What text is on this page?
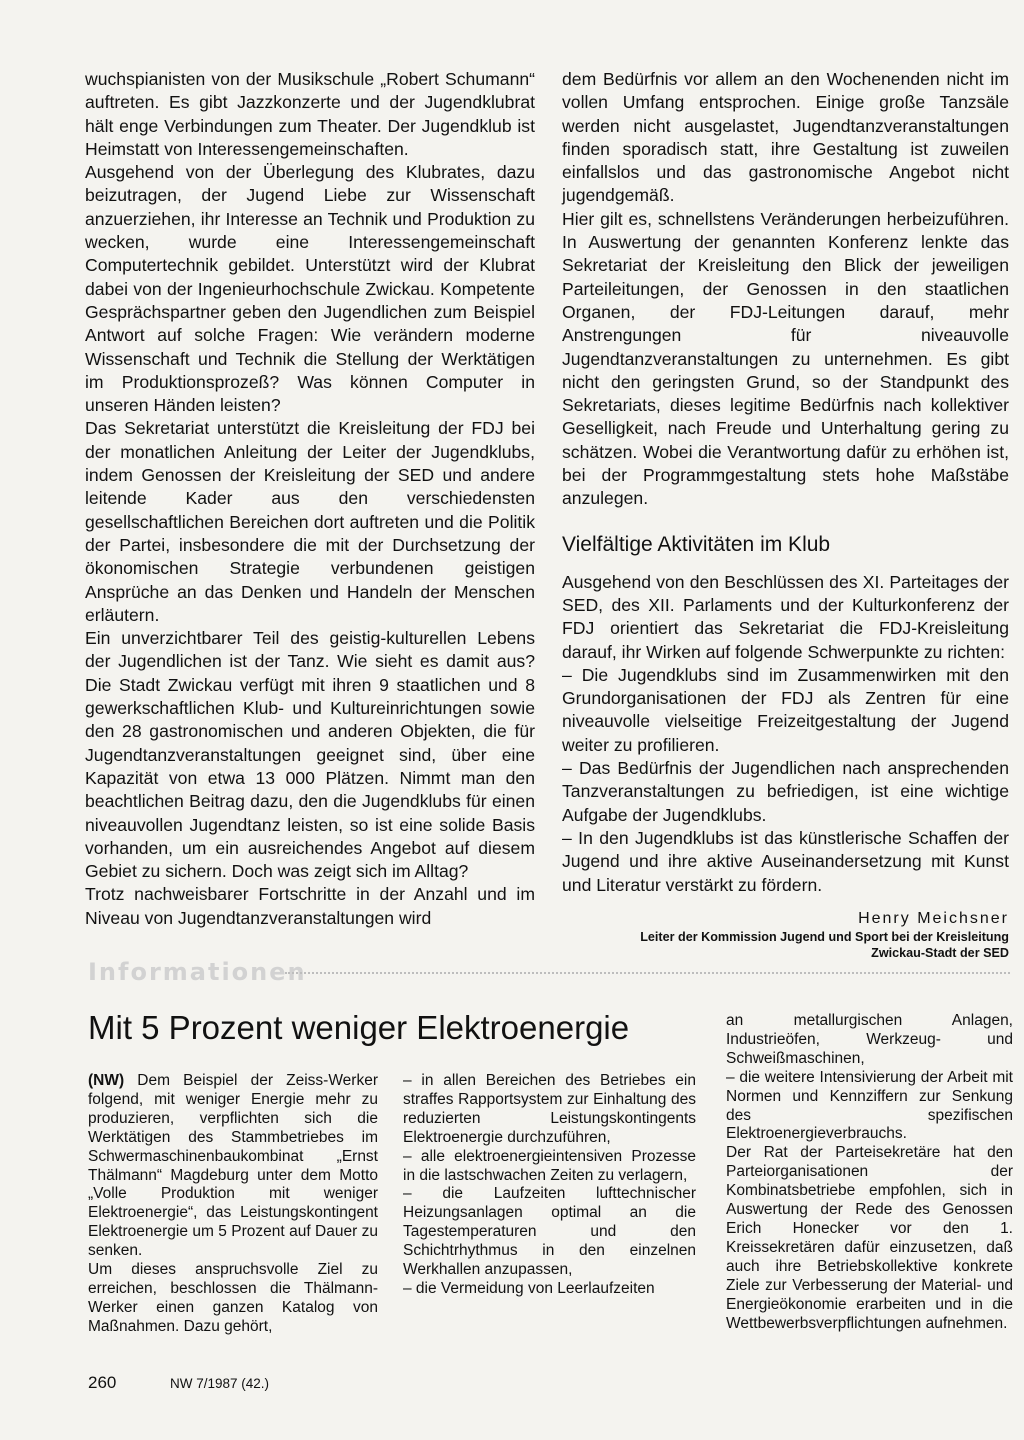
wuchspianisten von der Musikschule „Robert Schumann“ auftreten. Es gibt Jazzkonzerte und der Jugendklubrat hält enge Verbindungen zum Theater. Der Jugendklub ist Heimstatt von Interessengemeinschaften.

Ausgehend von der Überlegung des Klubrates, dazu beizutragen, der Jugend Liebe zur Wissenschaft anzuerziehen, ihr Interesse an Technik und Produktion zu wecken, wurde eine Interessengemeinschaft Computertechnik gebildet. Unterstützt wird der Klubrat dabei von der Ingenieurhochschule Zwickau. Kompetente Gesprächspartner geben den Jugendlichen zum Beispiel Antwort auf solche Fragen: Wie verändern moderne Wissenschaft und Technik die Stellung der Werktätigen im Produktionsprozeß? Was können Computer in unseren Händen leisten?

Das Sekretariat unterstützt die Kreisleitung der FDJ bei der monatlichen Anleitung der Leiter der Jugendklubs, indem Genossen der Kreisleitung der SED und andere leitende Kader aus den verschiedensten gesellschaftlichen Bereichen dort auftreten und die Politik der Partei, insbesondere die mit der Durchsetzung der ökonomischen Strategie verbundenen geistigen Ansprüche an das Denken und Handeln der Menschen erläutern.

Ein unverzichtbarer Teil des geistig-kulturellen Lebens der Jugendlichen ist der Tanz. Wie sieht es damit aus? Die Stadt Zwickau verfügt mit ihren 9 staatlichen und 8 gewerkschaftlichen Klub- und Kultureinrichtungen sowie den 28 gastronomischen und anderen Objekten, die für Jugendtanzveranstaltungen geeignet sind, über eine Kapazität von etwa 13 000 Plätzen. Nimmt man den beachtlichen Beitrag dazu, den die Jugendklubs für einen niveauvollen Jugendtanz leisten, so ist eine solide Basis vorhanden, um ein ausreichendes Angebot auf diesem Gebiet zu sichern. Doch was zeigt sich im Alltag?

Trotz nachweisbarer Fortschritte in der Anzahl und im Niveau von Jugendtanzveranstaltungen wird

dem Bedürfnis vor allem an den Wochenenden nicht im vollen Umfang entsprochen. Einige große Tanzsäle werden nicht ausgelastet, Jugendtanzveranstaltungen finden sporadisch statt, ihre Gestaltung ist zuweilen einfallslos und das gastronomische Angebot nicht jugendgemäß.

Hier gilt es, schnellstens Veränderungen herbeizuführen. In Auswertung der genannten Konferenz lenkte das Sekretariat der Kreisleitung den Blick der jeweiligen Parteileitungen, der Genossen in den staatlichen Organen, der FDJ-Leitungen darauf, mehr Anstrengungen für niveauvolle Jugendtanzveranstaltungen zu unternehmen. Es gibt nicht den geringsten Grund, so der Standpunkt des Sekretariats, dieses legitime Bedürfnis nach kollektiver Geselligkeit, nach Freude und Unterhaltung gering zu schätzen. Wobei die Verantwortung dafür zu erhöhen ist, bei der Programmgestaltung stets hohe Maßstäbe anzulegen.

Vielfältige Aktivitäten im Klub

Ausgehend von den Beschlüssen des XI. Parteitages der SED, des XII. Parlaments und der Kulturkonferenz der FDJ orientiert das Sekretariat die FDJ-Kreisleitung darauf, ihr Wirken auf folgende Schwerpunkte zu richten:

– Die Jugendklubs sind im Zusammenwirken mit den Grundorganisationen der FDJ als Zentren für eine niveauvolle vielseitige Freizeitgestaltung der Jugend weiter zu profilieren.

– Das Bedürfnis der Jugendlichen nach ansprechenden Tanzveranstaltungen zu befriedigen, ist eine wichtige Aufgabe der Jugendklubs.

– In den Jugendklubs ist das künstlerische Schaffen der Jugend und ihre aktive Auseinandersetzung mit Kunst und Literatur verstärkt zu fördern.

Henry Meichsner
Leiter der Kommission Jugend und Sport bei der Kreisleitung
Zwickau-Stadt der SED
Informationen
Mit 5 Prozent weniger Elektroenergie

(NW) Dem Beispiel der Zeiss-Werker folgend, mit weniger Energie mehr zu produzieren, verpflichten sich die Werktätigen des Stammbetriebes im Schwermaschinenbaukombinat „Ernst Thälmann“ Magdeburg unter dem Motto „Volle Produktion mit weniger Elektroenergie“, das Leistungskontingent Elektroenergie um 5 Prozent auf Dauer zu senken.

Um dieses anspruchsvolle Ziel zu erreichen, beschlossen die Thälmann-Werker einen ganzen Katalog von Maßnahmen. Dazu gehört,

– in allen Bereichen des Betriebes ein straffes Rapportsystem zur Einhaltung des reduzierten Leistungskontingents Elektroenergie durchzuführen,

– alle elektroenergieintensiven Prozesse in die lastschwachen Zeiten zu verlagern,

– die Laufzeiten lufttechnischer Heizungsanlagen optimal an die Tagestemperaturen und den Schichtrhythmus in den einzelnen Werkhallen anzupassen,

– die Vermeidung von Leerlaufzeiten

an metallurgischen Anlagen, Industrieöfen, Werkzeug- und Schweißmaschinen,

– die weitere Intensivierung der Arbeit mit Normen und Kennziffern zur Senkung des spezifischen Elektroenergieverbrauchs.

Der Rat der Parteisekretäre hat den Parteiorganisationen der Kombinatsbetriebe empfohlen, sich in Auswertung der Rede des Genossen Erich Honecker vor den 1. Kreissekretären dafür einzusetzen, daß auch ihre Betriebskollektive konkrete Ziele zur Verbesserung der Material- und Energieökonomie erarbeiten und in die Wettbewerbsverpflichtungen aufnehmen.

260	NW 7/1987 (42.)
